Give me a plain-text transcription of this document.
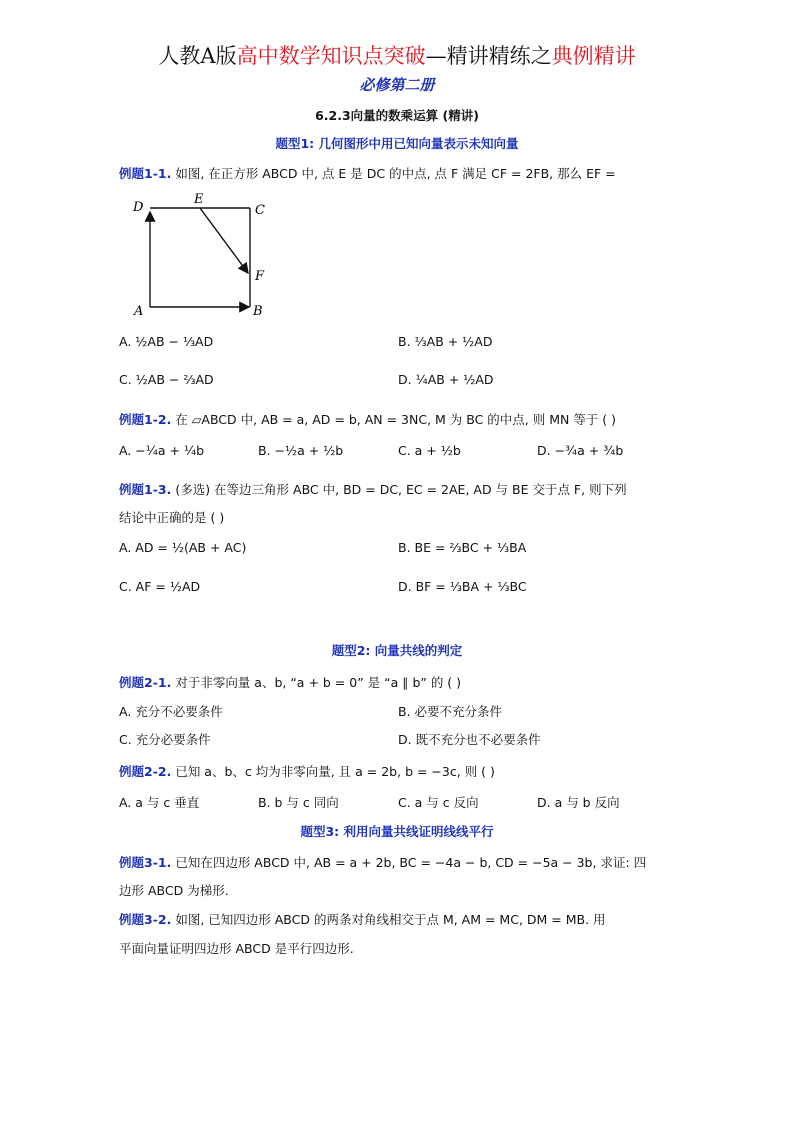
人教A版高中数学知识点突破—精讲精练之典例精讲
必修第二册
6.2.3向量的数乘运算 (精讲)
题型1: 几何图形中用已知向量表示未知向量
例题1-1. 如图, 在正方形 ABCD 中, 点 E 是 DC 的中点, 点 F 满足 CF = 2FB, 那么 EF =
D
E
C
F
A	B
A. ½AB − ⅓AD	B. ⅓AB + ½AD
C. ½AB − ⅔AD	D. ¼AB + ½AD
例题1-2. 在 ▱ABCD 中, AB = a, AD = b, AN = 3NC, M 为 BC 的中点, 则 MN 等于 ( )
A. −¼a + ¼b	B. −½a + ½b	C. a + ½b	D. −¾a + ¾b
例题1-3. (多选) 在等边三角形 ABC 中, BD = DC, EC = 2AE, AD 与 BE 交于点 F, 则下列
结论中正确的是 ( )
A. AD = ½(AB + AC)	B. BE = ⅔BC + ⅓BA
C. AF = ½AD	D. BF = ⅓BA + ⅓BC
题型2: 向量共线的判定
例题2-1. 对于非零向量 a、b, “a + b = 0” 是 “a ∥ b” 的 ( )
A. 充分不必要条件	B. 必要不充分条件
C. 充分必要条件	D. 既不充分也不必要条件
例题2-2. 已知 a、b、c 均为非零向量, 且 a = 2b, b = −3c, 则 ( )
A. a 与 c 垂直	B. b 与 c 同向	C. a 与 c 反向	D. a 与 b 反向
题型3: 利用向量共线证明线线平行
例题3-1. 已知在四边形 ABCD 中, AB = a + 2b, BC = −4a − b, CD = −5a − 3b, 求证: 四
边形 ABCD 为梯形.
例题3-2. 如图, 已知四边形 ABCD 的两条对角线相交于点 M, AM = MC, DM = MB. 用
平面向量证明四边形 ABCD 是平行四边形.
